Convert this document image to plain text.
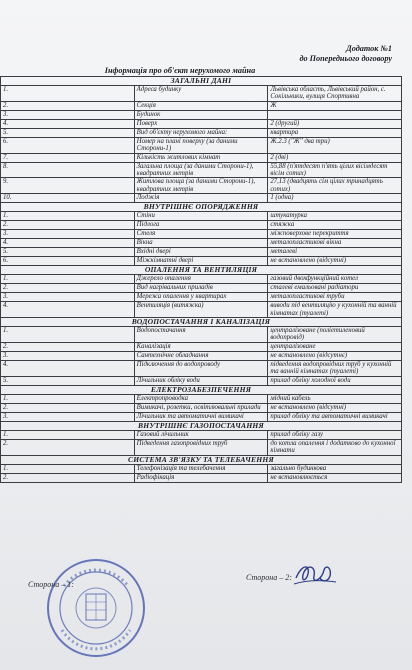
Додаток №1
до Попереднього договору
Інформація про об'єкт нерухомого майна
ЗАГАЛЬНІ ДАНІ		
1.	Адреса будинку	Львівська область, Львівський район, с. Сокільники, вулиця Спортивна
2.	Секція	Ж
3.	Будинок	
4.	Поверх	2 (другий)
5.	Вид об'єкту нерухомого майна:	квартира
6.	Номер на плані поверху (за даними Сторони-1)	Ж.2.3 ("Ж" два три)
7.	Кількість житлових кімнат	2 (дві)
8.	Загальна площа (за даними Сторони-1), квадратних метрів	55,88 (п'ятдесят п'ять цілих вісімдесят вісім сотих)
9.	Житлова площа (за даними Сторони-1), квадратних метрів	27,13 (двадцять сім цілих тринадцять сотих)
10.	Лоджія	1 (одна)
ВНУТРІШНЄ ОПОРЯДЖЕННЯ		
1.	Стіни	штукатурка
2.	Підлога	стяжка
3.	Стеля	міжповерхове перекриття
4.	Вікна	металопластикові вікна
5.	Вхідні двері	металеві
6.	Міжкімнатні двері	не встановлено (відсутні)
ОПАЛЕННЯ ТА ВЕНТИЛЯЦІЯ		
1.	Джерело опалення	газовий двохфункційний котел
2.	Вид нагрівальних приладів	сталеві емальовані радіатори
3.	Мережа опалення у квартирах	металопластикові труби
4.	Вентиляція (витяжка)	виводи під вентиляцію у кухонній та ванній кімнатах (туалеті)
ВОДОПОСТАЧАННЯ І КАНАЛІЗАЦІЯ		
1.	Водопостачання	централізоване (поліетиленовий водопровід)
2.	Каналізація	централізоване
3.	Сантехнічне обладнання	не встановлено (відсутнє)
4.	Підключення до водопроводу	підведення водопровідних труб у кухонній та ванній кімнатах (туалеті)
5.	Лічильник обліку води	прилад обліку холодної води
ЕЛЕКТРОЗАБЕЗПЕЧЕННЯ		
1.	Електропроводка	мідний кабель
2.	Вимикачі, розетки, освітлювальні прилади	не встановлено (відсутні)
3.	Лічильник та автоматичні вимикачі	прилад обліку та автоматичні вимикачі
ВНУТРІШНЄ ГАЗОПОСТАЧАННЯ		
1.	Газовий лічильник	прилад обліку газу
2.	Підведення газопровідних труб	до котла опалення і додатково до кухонної кімнати
СИСТЕМА ЗВ'ЯЗКУ ТА ТЕЛЕБАЧЕННЯ		
1.	Телефонізація та телебачення	загально будинкова
2.	Радіофікація	не встановлюється
Сторона – 1:
Сторона – 2:
